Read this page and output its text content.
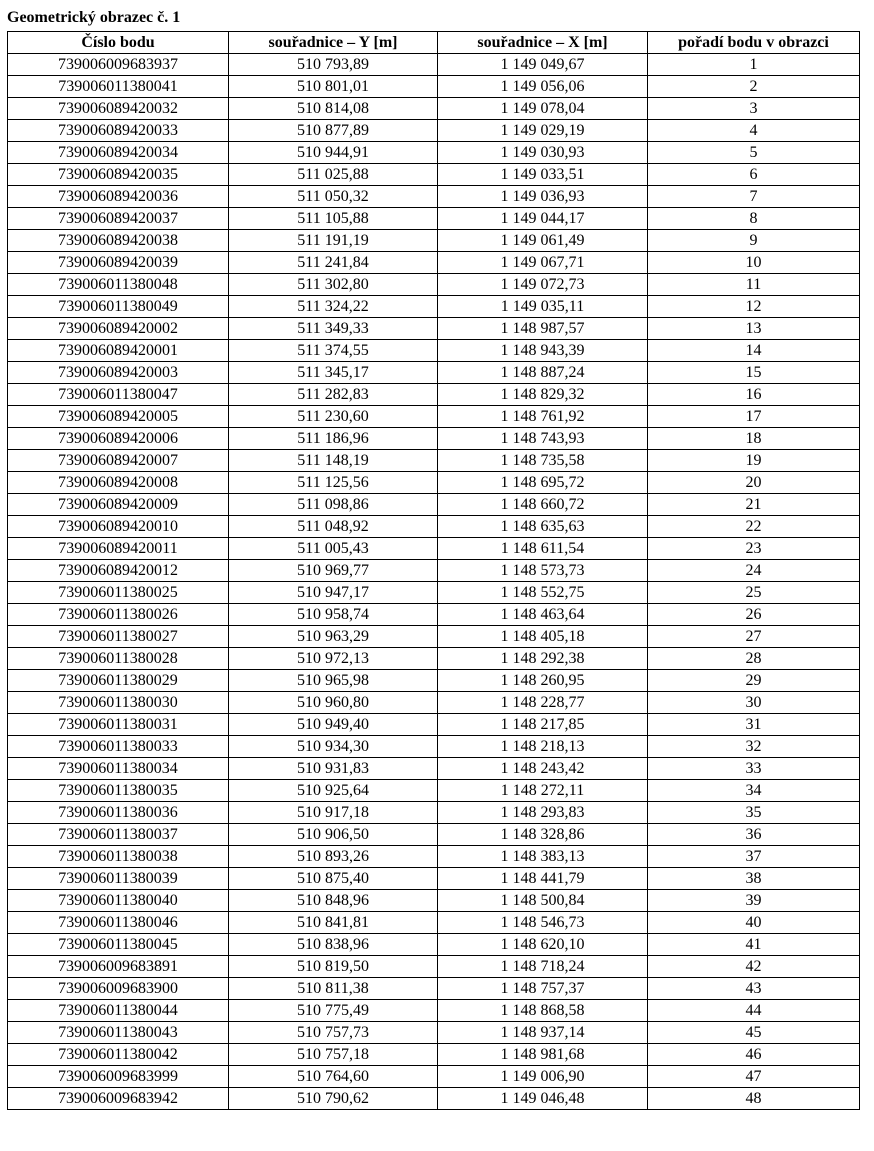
Geometrický obrazec č. 1
Číslo bodu	souřadnice – Y [m]	souřadnice – X [m]	pořadí bodu v obrazci
739006009683937	510 793,89	1 149 049,67	1
739006011380041	510 801,01	1 149 056,06	2
739006089420032	510 814,08	1 149 078,04	3
739006089420033	510 877,89	1 149 029,19	4
739006089420034	510 944,91	1 149 030,93	5
739006089420035	511 025,88	1 149 033,51	6
739006089420036	511 050,32	1 149 036,93	7
739006089420037	511 105,88	1 149 044,17	8
739006089420038	511 191,19	1 149 061,49	9
739006089420039	511 241,84	1 149 067,71	10
739006011380048	511 302,80	1 149 072,73	11
739006011380049	511 324,22	1 149 035,11	12
739006089420002	511 349,33	1 148 987,57	13
739006089420001	511 374,55	1 148 943,39	14
739006089420003	511 345,17	1 148 887,24	15
739006011380047	511 282,83	1 148 829,32	16
739006089420005	511 230,60	1 148 761,92	17
739006089420006	511 186,96	1 148 743,93	18
739006089420007	511 148,19	1 148 735,58	19
739006089420008	511 125,56	1 148 695,72	20
739006089420009	511 098,86	1 148 660,72	21
739006089420010	511 048,92	1 148 635,63	22
739006089420011	511 005,43	1 148 611,54	23
739006089420012	510 969,77	1 148 573,73	24
739006011380025	510 947,17	1 148 552,75	25
739006011380026	510 958,74	1 148 463,64	26
739006011380027	510 963,29	1 148 405,18	27
739006011380028	510 972,13	1 148 292,38	28
739006011380029	510 965,98	1 148 260,95	29
739006011380030	510 960,80	1 148 228,77	30
739006011380031	510 949,40	1 148 217,85	31
739006011380033	510 934,30	1 148 218,13	32
739006011380034	510 931,83	1 148 243,42	33
739006011380035	510 925,64	1 148 272,11	34
739006011380036	510 917,18	1 148 293,83	35
739006011380037	510 906,50	1 148 328,86	36
739006011380038	510 893,26	1 148 383,13	37
739006011380039	510 875,40	1 148 441,79	38
739006011380040	510 848,96	1 148 500,84	39
739006011380046	510 841,81	1 148 546,73	40
739006011380045	510 838,96	1 148 620,10	41
739006009683891	510 819,50	1 148 718,24	42
739006009683900	510 811,38	1 148 757,37	43
739006011380044	510 775,49	1 148 868,58	44
739006011380043	510 757,73	1 148 937,14	45
739006011380042	510 757,18	1 148 981,68	46
739006009683999	510 764,60	1 149 006,90	47
739006009683942	510 790,62	1 149 046,48	48
